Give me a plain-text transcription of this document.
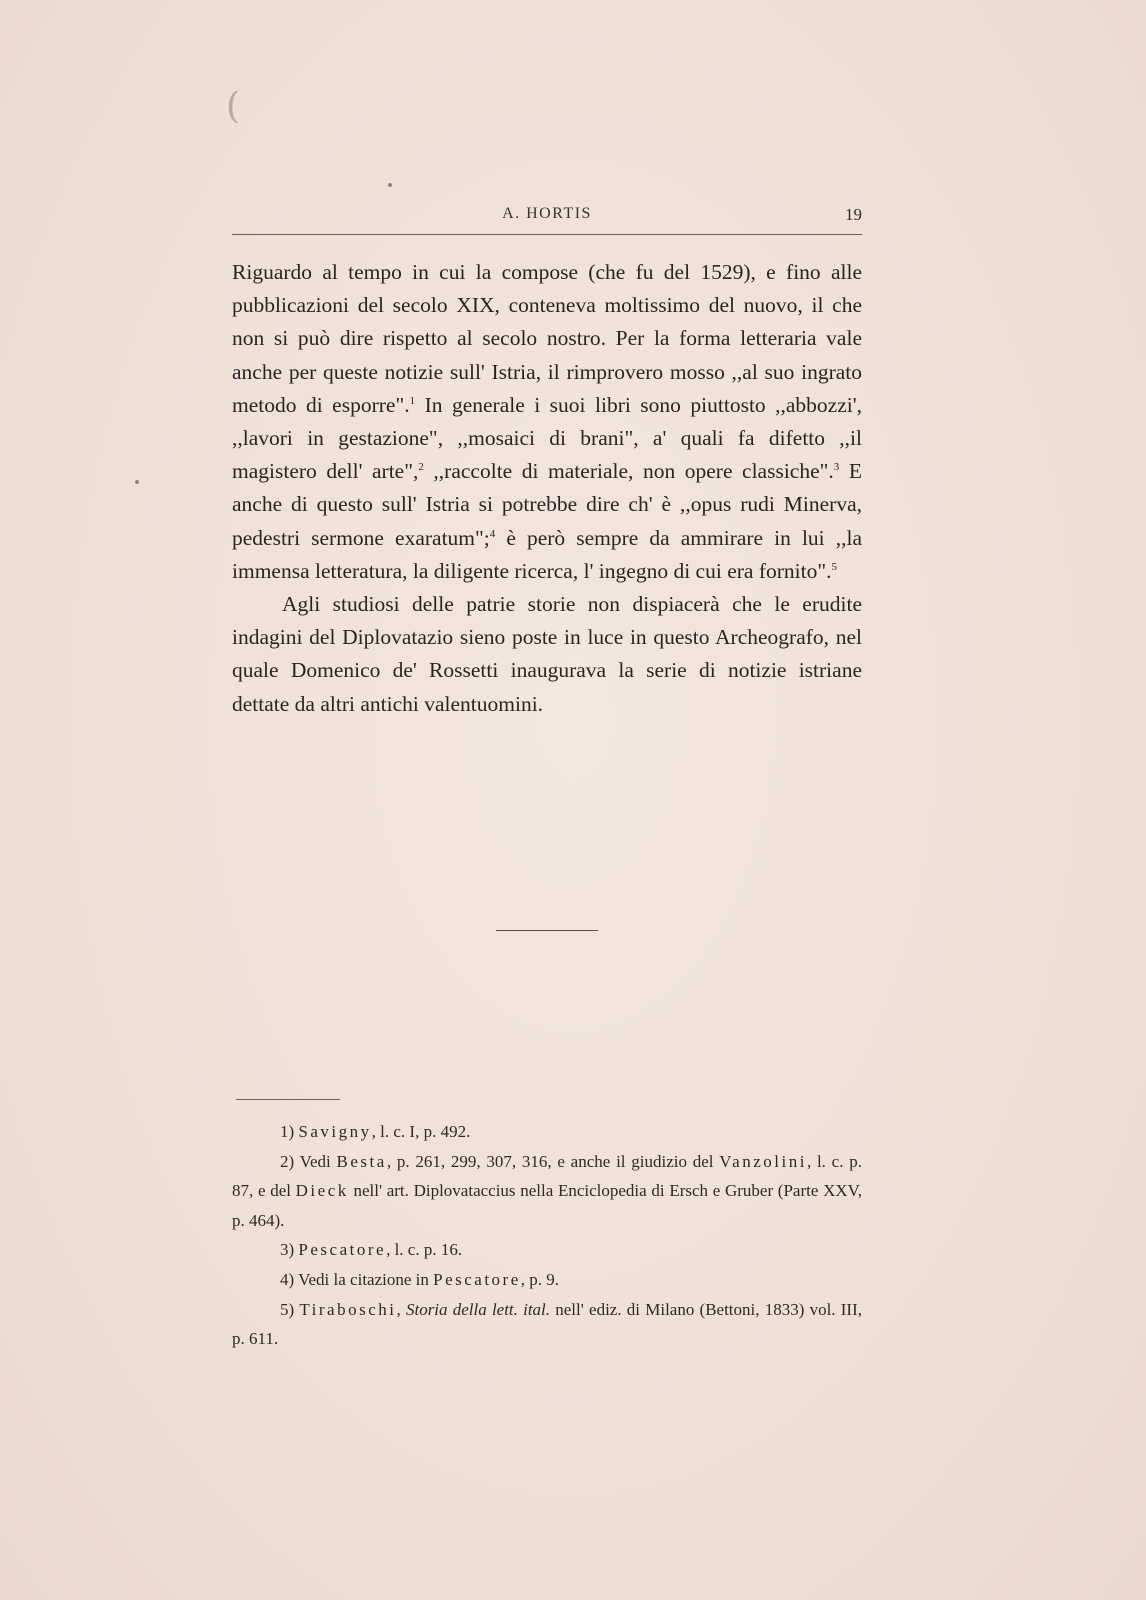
(
A. HORTIS	19

Riguardo al tempo in cui la compose (che fu del 1529), e fino alle pubblicazioni del secolo XIX, conteneva moltissimo del nuovo, il che non si può dire rispetto al secolo nostro. Per la forma letteraria vale anche per queste notizie sull' Istria, il rimprovero mosso ,,al suo ingrato metodo di esporre".$^1$ In generale i suoi libri sono piuttosto ,,abbozzi', ,,lavori in gestazione", ,,mosaici di brani", a' quali fa difetto ,,il magistero dell' arte",$^2$ ,,raccolte di materiale, non opere classiche".$^3$ E anche di questo sull' Istria si potrebbe dire ch' è ,,opus rudi Minerva, pedestri sermone exaratum";$^4$ è però sempre da ammirare in lui ,,la immensa letteratura, la diligente ricerca, l' ingegno di cui era fornito".$^5$

Agli studiosi delle patrie storie non dispiacerà che le erudite indagini del Diplovatazio sieno poste in luce in questo Archeografo, nel quale Domenico de' Rossetti inaugurava la serie di notizie istriane dettate da altri antichi valentuomini.

1) Savigny, l. c. I, p. 492.

2) Vedi Besta, p. 261, 299, 307, 316, e anche il giudizio del Vanzolini, l. c. p. 87, e del Dieck nell' art. Diplovataccius nella Enciclopedia di Ersch e Gruber (Parte XXV, p. 464).

3) Pescatore, l. c. p. 16.

4) Vedi la citazione in Pescatore, p. 9.

5) Tiraboschi, Storia della lett. ital. nell' ediz. di Milano (Bettoni, 1833) vol. III, p. 611.
